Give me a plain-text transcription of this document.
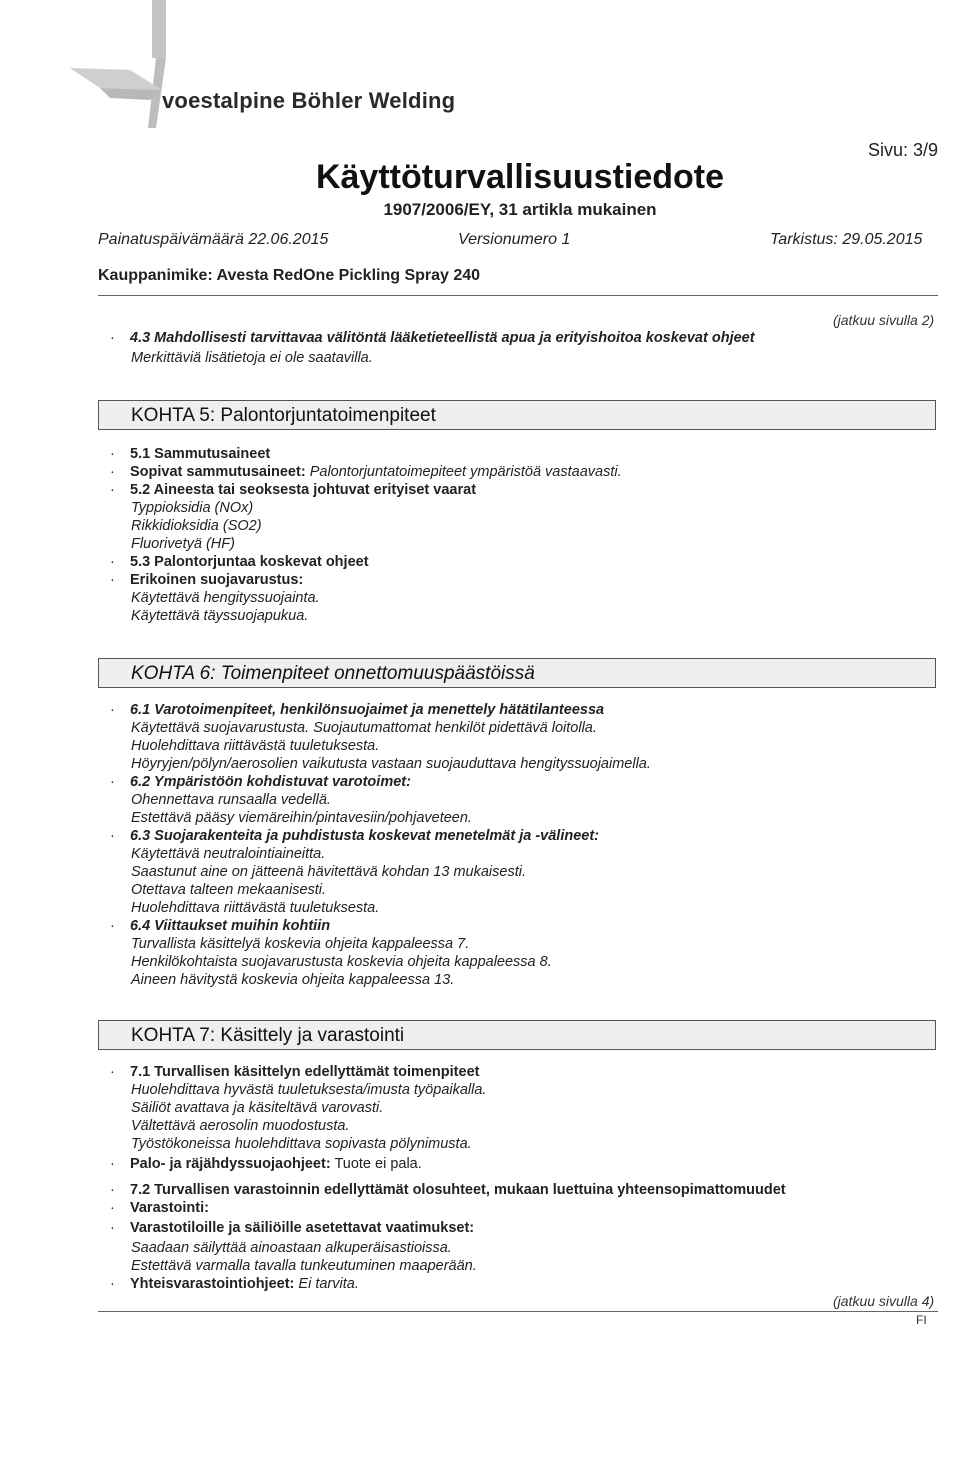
voestalpine Böhler Welding
Sivu: 3/9
Käyttöturvallisuustiedote
1907/2006/EY, 31 artikla mukainen
Painatuspäivämäärä 22.06.2015	Versionumero 1	Tarkistus: 29.05.2015
Kauppanimike: Avesta RedOne Pickling Spray 240
(jatkuu sivulla 2)
· 4.3 Mahdollisesti tarvittavaa välitöntä lääketieteellistä apua ja erityishoitoa koskevat ohjeet
Merkittäviä lisätietoja ei ole saatavilla.
KOHTA 5: Palontorjuntatoimenpiteet
· 5.1 Sammutusaineet
· Sopivat sammutusaineet: Palontorjuntatoimepiteet ympäristöä vastaavasti.
· 5.2 Aineesta tai seoksesta johtuvat erityiset vaarat
Typpioksidia (NOx)
Rikkidioksidia (SO2)
Fluorivetyä (HF)
· 5.3 Palontorjuntaa koskevat ohjeet
· Erikoinen suojavarustus:
Käytettävä hengityssuojainta.
Käytettävä täyssuojapukua.
KOHTA 6: Toimenpiteet onnettomuuspäästöissä
· 6.1 Varotoimenpiteet, henkilönsuojaimet ja menettely hätätilanteessa
Käytettävä suojavarustusta. Suojautumattomat henkilöt pidettävä loitolla.
Huolehdittava riittävästä tuuletuksesta.
Höyryjen/pölyn/aerosolien vaikutusta vastaan suojauduttava hengityssuojaimella.
· 6.2 Ympäristöön kohdistuvat varotoimet:
Ohennettava runsaalla vedellä.
Estettävä pääsy viemäreihin/pintavesiin/pohjaveteen.
· 6.3 Suojarakenteita ja puhdistusta koskevat menetelmät ja -välineet:
Käytettävä neutralointiaineitta.
Saastunut aine on jätteenä hävitettävä kohdan 13 mukaisesti.
Otettava talteen mekaanisesti.
Huolehdittava riittävästä tuuletuksesta.
· 6.4 Viittaukset muihin kohtiin
Turvallista käsittelyä koskevia ohjeita kappaleessa 7.
Henkilökohtaista suojavarustusta koskevia ohjeita kappaleessa 8.
Aineen hävitystä koskevia ohjeita kappaleessa 13.
KOHTA 7: Käsittely ja varastointi
· 7.1 Turvallisen käsittelyn edellyttämät toimenpiteet
Huolehdittava hyvästä tuuletuksesta/imusta työpaikalla.
Säiliöt avattava ja käsiteltävä varovasti.
Vältettävä aerosolin muodostusta.
Työstökoneissa huolehdittava sopivasta pölynimusta.
· Palo- ja räjähdyssuojaohjeet: Tuote ei pala.
· 7.2 Turvallisen varastoinnin edellyttämät olosuhteet, mukaan luettuina yhteensopimattomuudet
· Varastointi:
· Varastotiloille ja säiliöille asetettavat vaatimukset:
Saadaan säilyttää ainoastaan alkuperäisastioissa.
Estettävä varmalla tavalla tunkeutuminen maaperään.
· Yhteisvarastointiohjeet: Ei tarvita.
(jatkuu sivulla 4)
FI
